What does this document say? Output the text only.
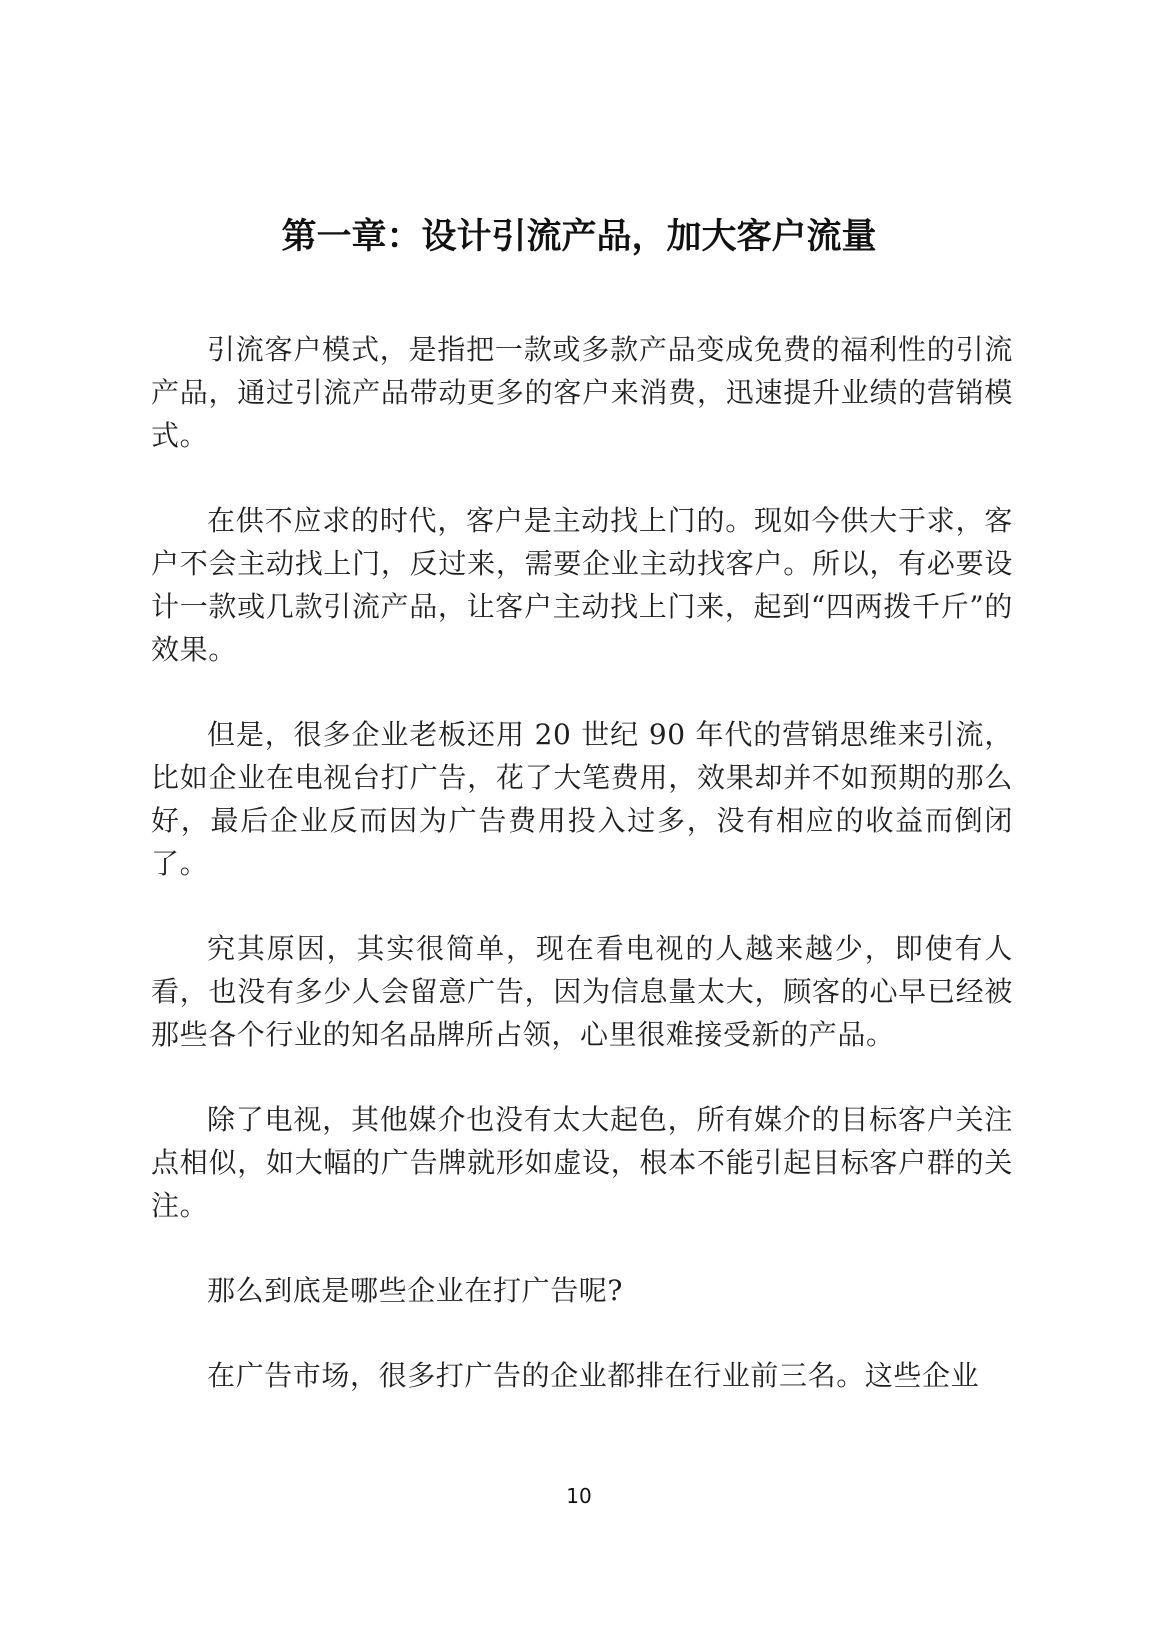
第一章：设计引流产品，加大客户流量

引流客户模式，是指把一款或多款产品变成免费的福利性的引流产品，通过引流产品带动更多的客户来消费，迅速提升业绩的营销模式。

在供不应求的时代，客户是主动找上门的。现如今供大于求，客户不会主动找上门，反过来，需要企业主动找客户。所以，有必要设计一款或几款引流产品，让客户主动找上门来，起到“四两拨千斤”的效果。

但是，很多企业老板还用 20 世纪 90 年代的营销思维来引流，比如企业在电视台打广告，花了大笔费用，效果却并不如预期的那么好，最后企业反而因为广告费用投入过多，没有相应的收益而倒闭了。

究其原因，其实很简单，现在看电视的人越来越少，即使有人看，也没有多少人会留意广告，因为信息量太大，顾客的心早已经被那些各个行业的知名品牌所占领，心里很难接受新的产品。

除了电视，其他媒介也没有太大起色，所有媒介的目标客户关注点相似，如大幅的广告牌就形如虚设，根本不能引起目标客户群的关注。

那么到底是哪些企业在打广告呢?

在广告市场，很多打广告的企业都排在行业前三名。这些企业

10
